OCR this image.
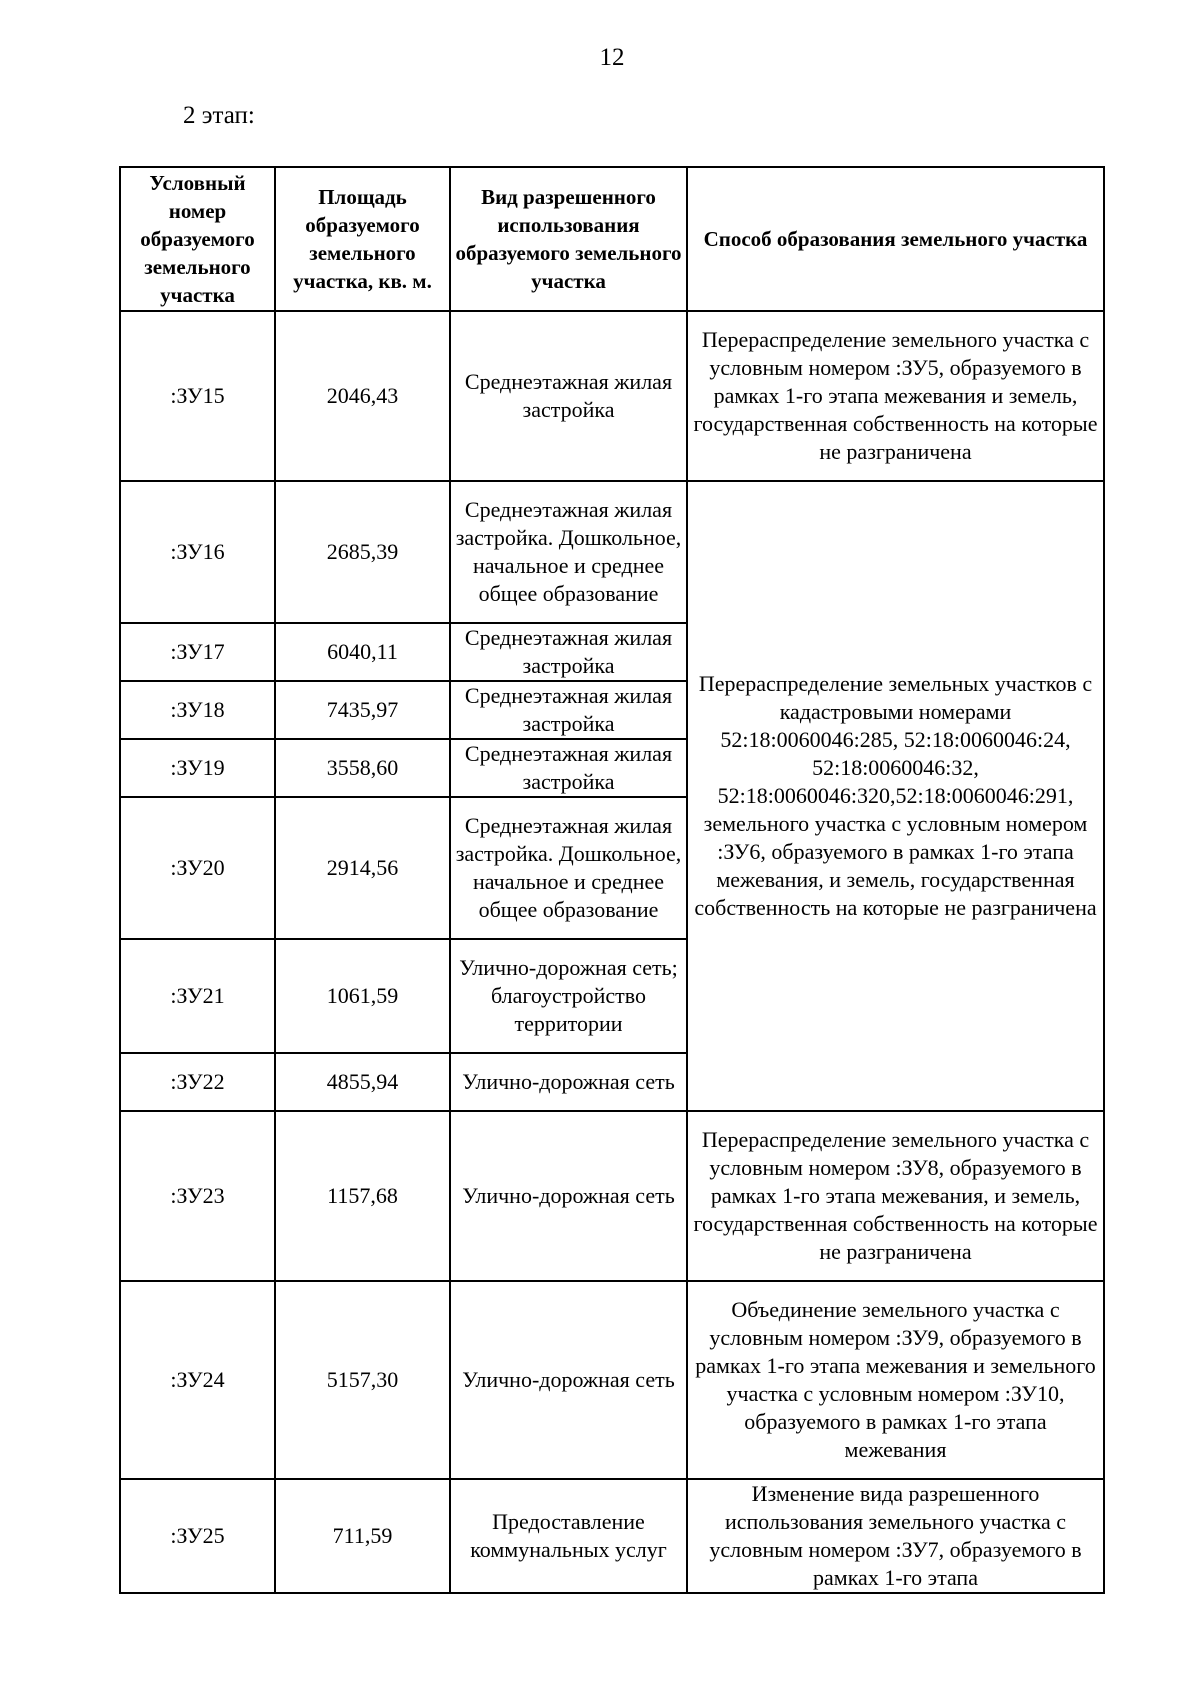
12
2 этап:
Условный номер образуемого земельного участка	Площадь образуемого земельного участка, кв. м.	Вид разрешенного использования образуемого земельного участка	Способ образования земельного участка
:ЗУ15	2046,43	Среднеэтажная жилая застройка	Перераспределение земельного участка с условным номером :ЗУ5, образуемого в рамках 1-го этапа межевания и земель, государственная собственность на которые не разграничена
:ЗУ16	2685,39	Среднеэтажная жилая застройка. Дошкольное, начальное и среднее общее образование	Перераспределение земельных участков с кадастровыми номерами 52:18:0060046:285, 52:18:0060046:24, 52:18:0060046:32, 52:18:0060046:320,52:18:0060046:291, земельного участка с условным номером :ЗУ6, образуемого в рамках 1-го этапа межевания, и земель, государственная собственность на которые не разграничена
:ЗУ17	6040,11	Среднеэтажная жилая застройка	
:ЗУ18	7435,97	Среднеэтажная жилая застройка	
:ЗУ19	3558,60	Среднеэтажная жилая застройка	
:ЗУ20	2914,56	Среднеэтажная жилая застройка. Дошкольное, начальное и среднее общее образование	
:ЗУ21	1061,59	Улично-дорожная сеть; благоустройство территории	
:ЗУ22	4855,94	Улично-дорожная сеть	
:ЗУ23	1157,68	Улично-дорожная сеть	Перераспределение земельного участка с условным номером :ЗУ8, образуемого в рамках 1-го этапа межевания, и земель, государственная собственность на которые не разграничена
:ЗУ24	5157,30	Улично-дорожная сеть	Объединение земельного участка с условным номером :ЗУ9, образуемого в рамках 1-го этапа межевания и земельного участка с условным номером :ЗУ10, образуемого в рамках 1-го этапа межевания
:ЗУ25	711,59	Предоставление коммунальных услуг	Изменение вида разрешенного использования земельного участка с условным номером :ЗУ7, образуемого в рамках 1-го этапа
